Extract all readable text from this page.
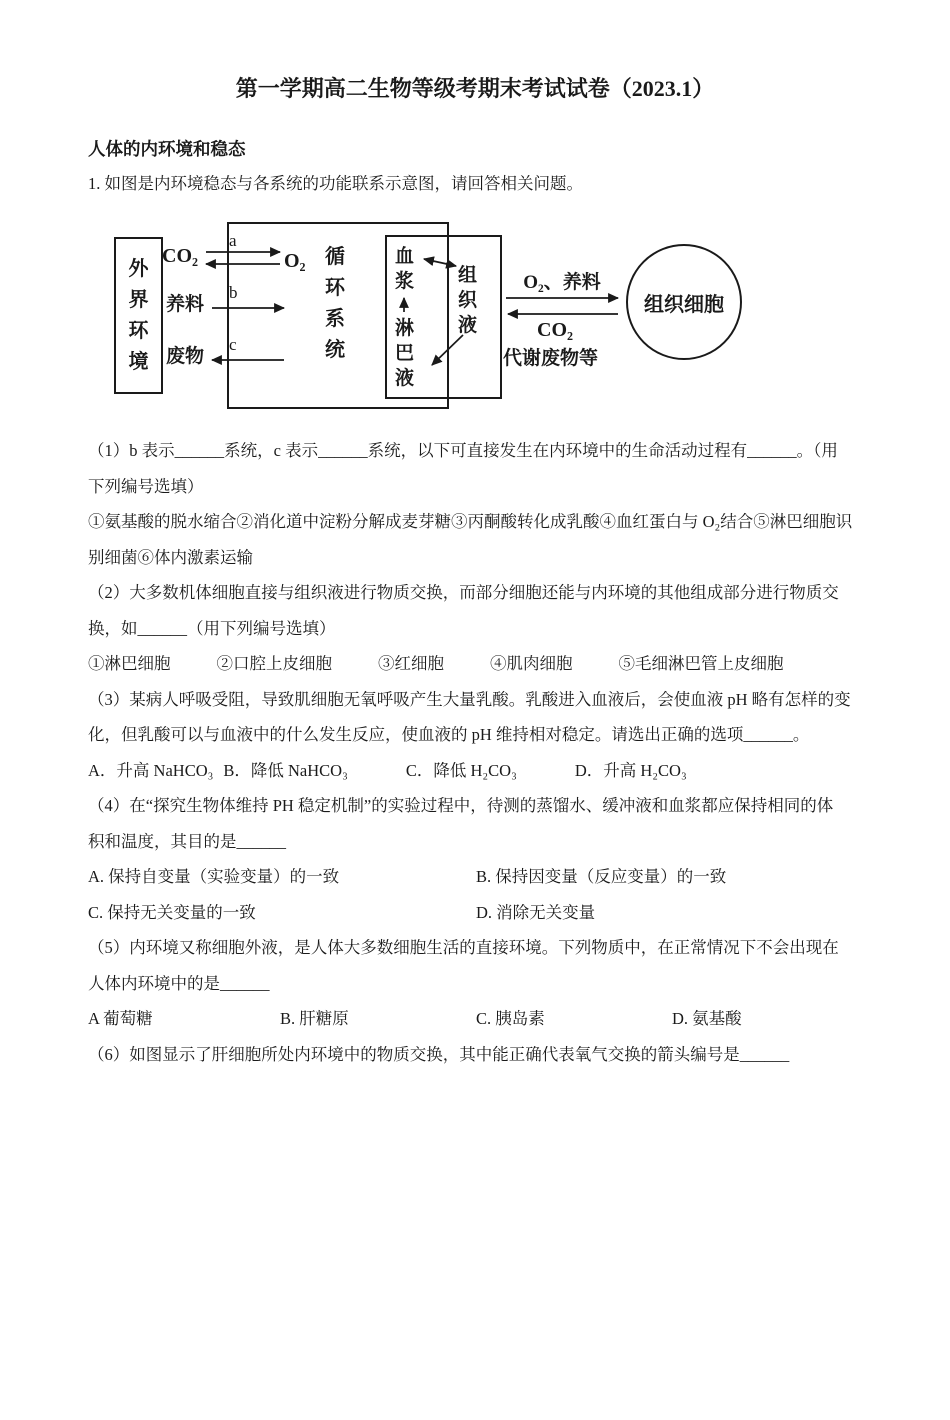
第一学期高二生物等级考期末考试试卷（2023.1）
人体的内环境和稳态
1. 如图是内环境稳态与各系统的功能联系示意图，请回答相关问题。
外界环境
循环系统
血浆
淋巴液
组织液
CO₂	O₂
a
b
c
养料
废物
O₂、养料
CO₂
代谢废物等
组织细胞
（1）b 表示______系统，c 表示______系统，以下可直接发生在内环境中的生命活动过程有______。（用
下列编号选填）
①氨基酸的脱水缩合②消化道中淀粉分解成麦芽糖③丙酮酸转化成乳酸④血红蛋白与 O₂结合⑤淋巴细胞识
别细菌⑥体内激素运输
（2）大多数机体细胞直接与组织液进行物质交换，而部分细胞还能与内环境的其他组成部分进行物质交
换，如______（用下列编号选填）
①淋巴细胞	②口腔上皮细胞	③红细胞	④肌肉细胞	⑤毛细淋巴管上皮细胞
（3）某病人呼吸受阻，导致肌细胞无氧呼吸产生大量乳酸。乳酸进入血液后，会使血液 pH 略有怎样的变
化，但乳酸可以与血液中的什么发生反应，使血液的 pH 维持相对稳定。请选出正确的选项______。
A．升高 NaHCO₃ B．降低 NaHCO₃	C．降低 H₂CO₃	D．升高 H₂CO₃
（4）在“探究生物体维持 PH 稳定机制”的实验过程中，待测的蒸馏水、缓冲液和血浆都应保持相同的体
积和温度，其目的是______
A. 保持自变量（实验变量）的一致	B. 保持因变量（反应变量）的一致
C. 保持无关变量的一致	D. 消除无关变量
（5）内环境又称细胞外液，是人体大多数细胞生活的直接环境。下列物质中，在正常情况下不会出现在
人体内环境中的是______
A 葡萄糖	B. 肝糖原	C. 胰岛素	D. 氨基酸
（6）如图显示了肝细胞所处内环境中的物质交换，其中能正确代表氧气交换的箭头编号是______
